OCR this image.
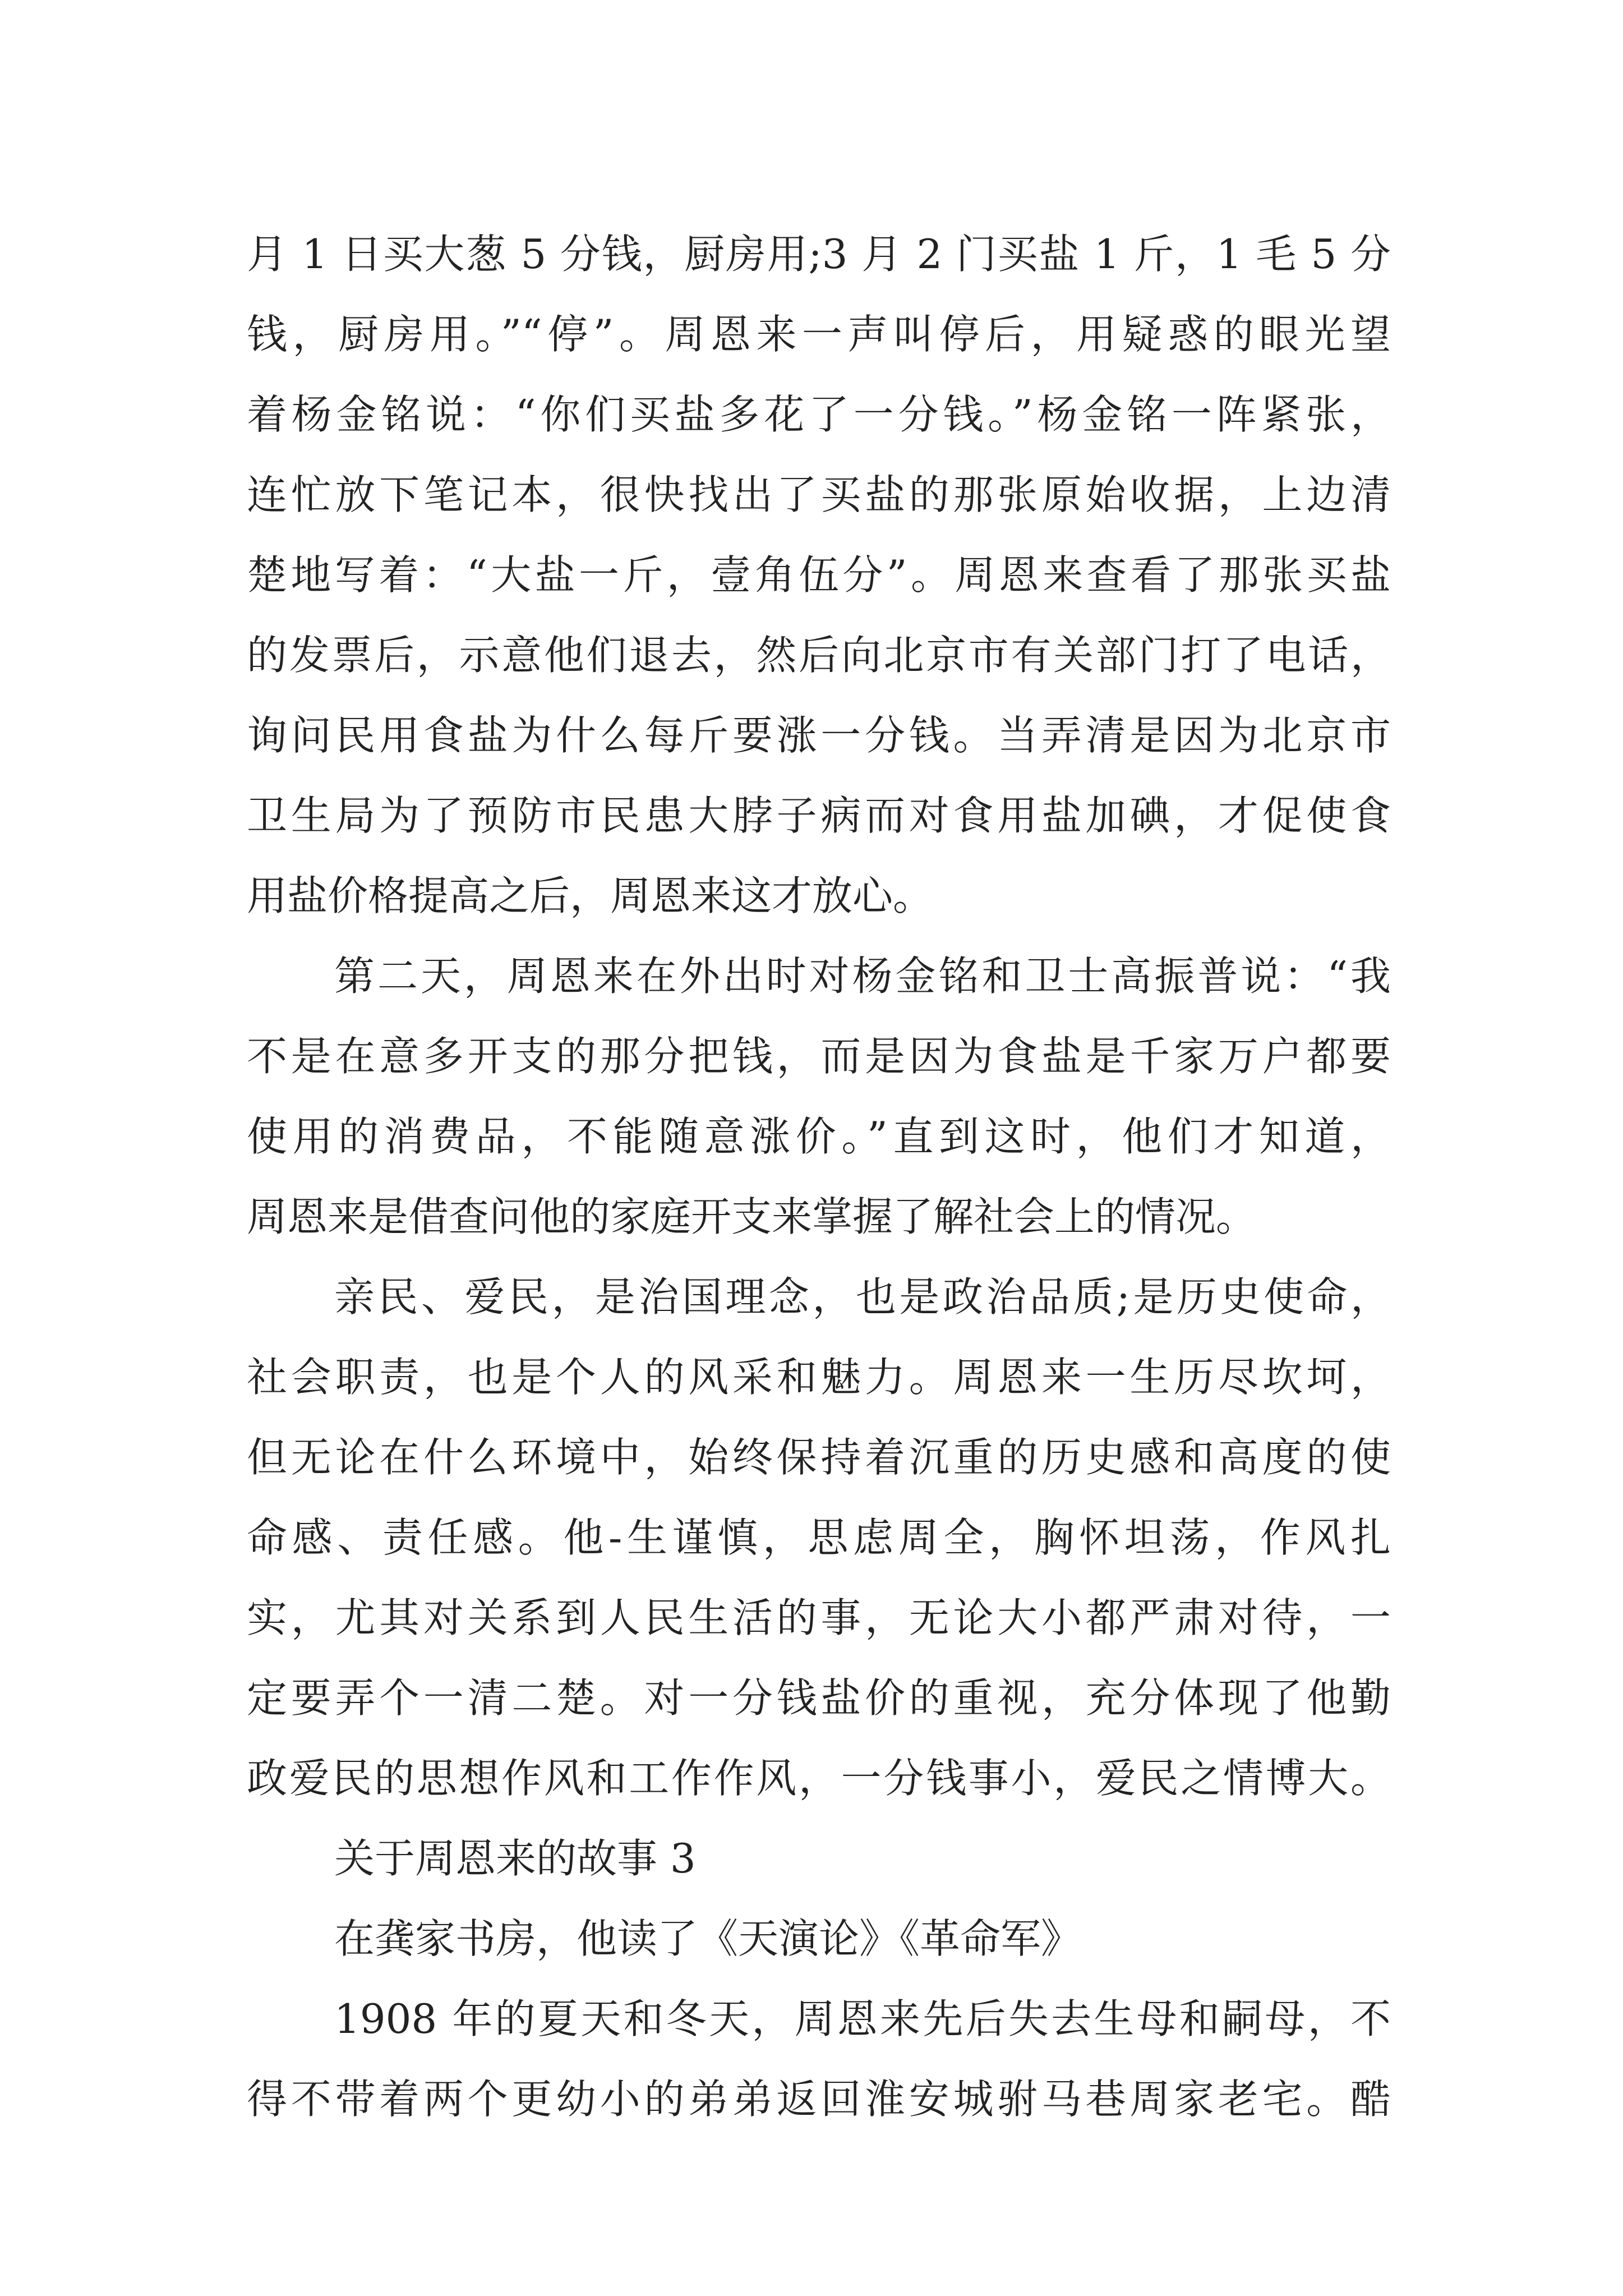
月 1 日买大葱 5 分钱，厨房用;3 月 2 门买盐 1 斤，1 毛 5 分
钱，厨房用。”“停”。周恩来一声叫停后，用疑惑的眼光望
着杨金铭说：“你们买盐多花了一分钱。”杨金铭一阵紧张，
连忙放下笔记本，很快找出了买盐的那张原始收据，上边清
楚地写着：“大盐一斤，壹角伍分”。周恩来查看了那张买盐
的发票后，示意他们退去，然后向北京市有关部门打了电话，
询问民用食盐为什么每斤要涨一分钱。当弄清是因为北京市
卫生局为了预防市民患大脖子病而对食用盐加碘，才促使食
用盐价格提高之后，周恩来这才放心。
第二天，周恩来在外出时对杨金铭和卫士高振普说：“我
不是在意多开支的那分把钱，而是因为食盐是千家万户都要
使用的消费品，不能随意涨价。”直到这时，他们才知道，
周恩来是借查问他的家庭开支来掌握了解社会上的情况。
亲民、爱民，是治国理念，也是政治品质;是历史使命，
社会职责，也是个人的风采和魅力。周恩来一生历尽坎坷，
但无论在什么环境中，始终保持着沉重的历史感和高度的使
命感、责任感。他-生谨慎，思虑周全，胸怀坦荡，作风扎
实，尤其对关系到人民生活的事，无论大小都严肃对待，一
定要弄个一清二楚。对一分钱盐价的重视，充分体现了他勤
政爱民的思想作风和工作作风，一分钱事小，爱民之情博大。
关于周恩来的故事 3
在龚家书房，他读了《天演论》《革命军》
1908 年的夏天和冬天，周恩来先后失去生母和嗣母，不
得不带着两个更幼小的弟弟返回淮安城驸马巷周家老宅。酷
